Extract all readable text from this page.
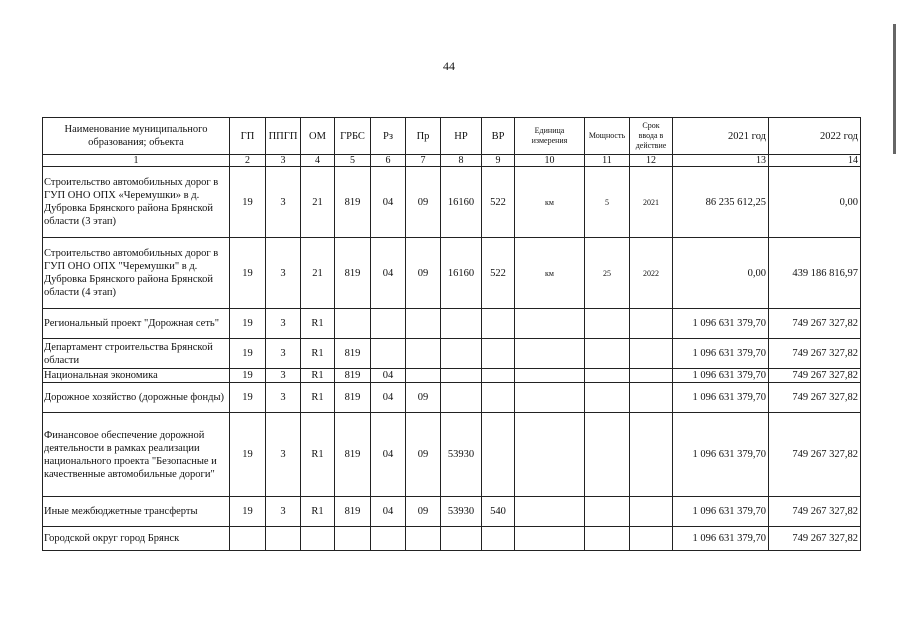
44
Наименование муниципального образования; объекта	ГП	ППГП	ОМ	ГРБС	Рз	Пр	НР	ВР	Единица измерения	Мощность	Срок ввода в действие	2021 год	2022 год
1	2	3	4	5	6	7	8	9	10	11	12	13	14
Строительство автомобильных дорог в ГУП ОНО ОПХ «Черемушки» в д. Дубровка Брянского района Брянской области (3 этап)	19	3	21	819	04	09	16160	522	км	5	2021	86 235 612,25	0,00
Строительство автомобильных дорог в ГУП ОНО ОПХ "Черемушки" в д. Дубровка Брянского района Брянской области (4 этап)	19	3	21	819	04	09	16160	522	км	25	2022	0,00	439 186 816,97
Региональный проект "Дорожная сеть"	19	3	R1									1 096 631 379,70	749 267 327,82
Департамент строительства Брянской области	19	3	R1	819								1 096 631 379,70	749 267 327,82
Национальная экономика	19	3	R1	819	04							1 096 631 379,70	749 267 327,82
Дорожное хозяйство (дорожные фонды)	19	3	R1	819	04	09						1 096 631 379,70	749 267 327,82
Финансовое обеспечение дорожной деятельности в рамках реализации национального проекта "Безопасные и качественные автомобильные дороги"	19	3	R1	819	04	09	53930					1 096 631 379,70	749 267 327,82
Иные межбюджетные трансферты	19	3	R1	819	04	09	53930	540				1 096 631 379,70	749 267 327,82
Городской округ город Брянск												1 096 631 379,70	749 267 327,82
